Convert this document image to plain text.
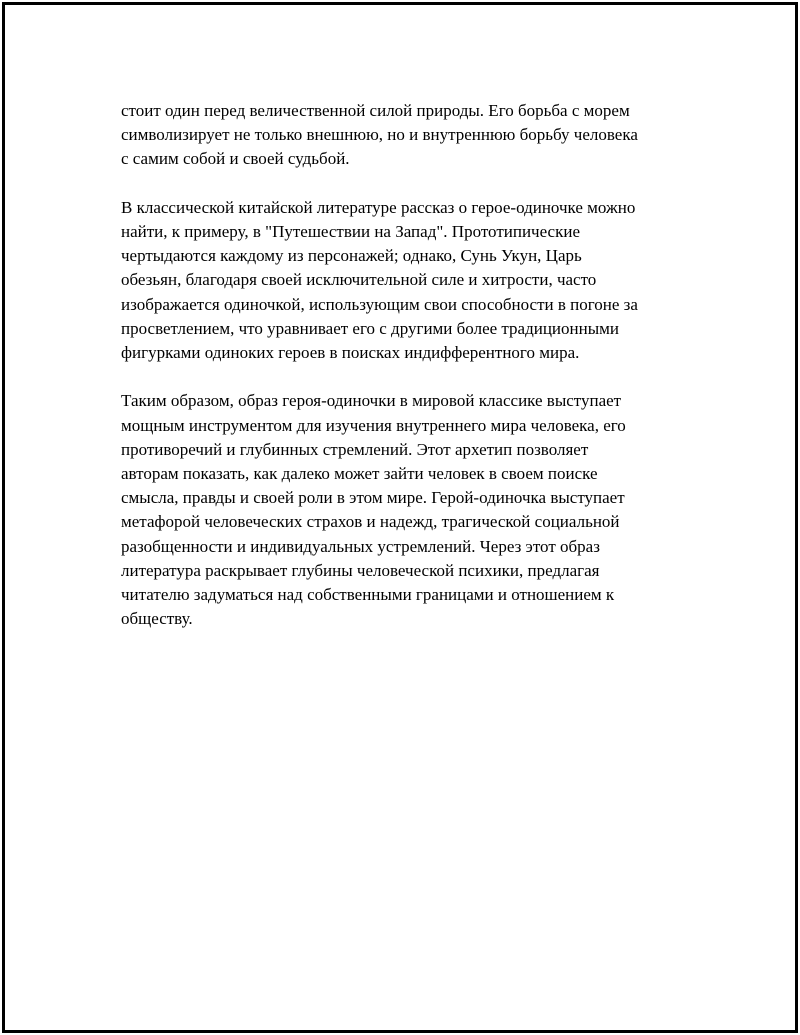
стоит один перед величественной силой природы. Его борьба с морем
символизирует не только внешнюю, но и внутреннюю борьбу человека
с самим собой и своей судьбой.
В классической китайской литературе рассказ о герое-одиночке можно
найти, к примеру, в "Путешествии на Запад". Прототипические
чертыдаются каждому из персонажей; однако, Сунь Укун, Царь
обезьян, благодаря своей исключительной силе и хитрости, часто
изображается одиночкой, использующим свои способности в погоне за
просветлением, что уравнивает его с другими более традиционными
фигурками одиноких героев в поисках индифферентного мира.
Таким образом, образ героя-одиночки в мировой классике выступает
мощным инструментом для изучения внутреннего мира человека, его
противоречий и глубинных стремлений. Этот архетип позволяет
авторам показать, как далеко может зайти человек в своем поиске
смысла, правды и своей роли в этом мире. Герой-одиночка выступает
метафорой человеческих страхов и надежд, трагической социальной
разобщенности и индивидуальных устремлений. Через этот образ
литература раскрывает глубины человеческой психики, предлагая
читателю задуматься над собственными границами и отношением к
обществу.
